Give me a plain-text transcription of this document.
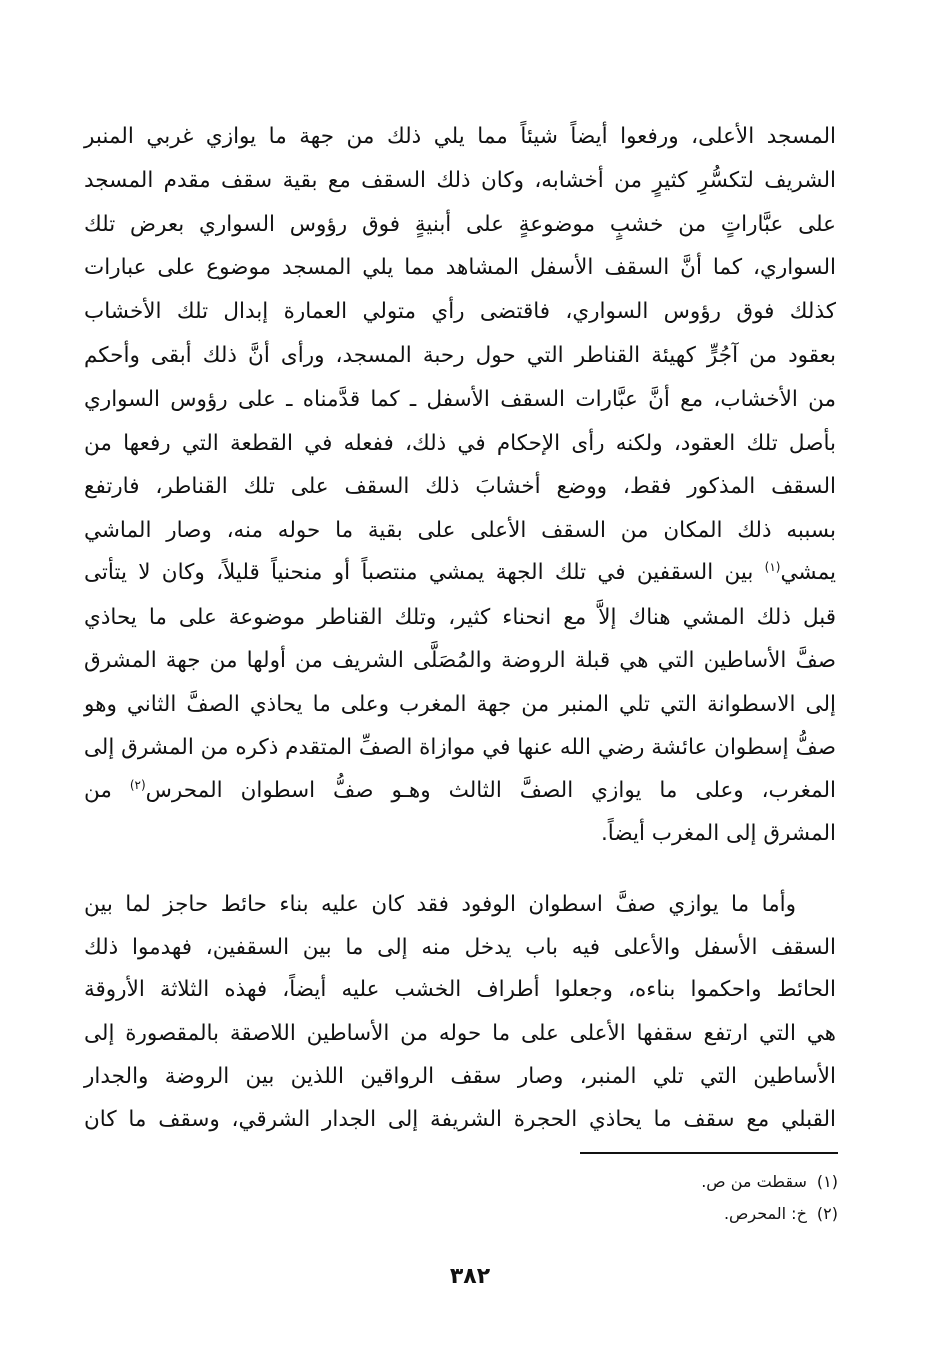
المسجد الأعلى، ورفعوا أيضاً شيئاً مما يلي ذلك من جهة ما يوازي غربي المنبر
الشريف لتكسُّرِ كثيرٍ من أخشابه، وكان ذلك السقف مع بقية سقف مقدم المسجد
على عبَّاراتٍ من خشبٍ موضوعةٍ على أبنيةٍ فوق رؤوس السواري بعرض تلك
السواري، كما أنَّ السقف الأسفل المشاهد مما يلي المسجد موضوع على عبارات
كذلك فوق رؤوس السواري، فاقتضى رأي متولي العمارة إبدال تلك الأخشاب
بعقود من آجُرٍّ كهيئة القناطر التي حول رحبة المسجد، ورأى أنَّ ذلك أبقى وأحكم
من الأخشاب، مع أنَّ عبَّارات السقف الأسفل ـ كما قدَّمناه ـ على رؤوس السواري
بأصل تلك العقود، ولكنه رأى الإحكام في ذلك، ففعله في القطعة التي رفعها من
السقف المذكور فقط، ووضع أخشابَ ذلك السقف على تلك القناطر، فارتفع
بسببه ذلك المكان من السقف الأعلى على بقية ما حوله منه، وصار الماشي
يمشي$^{(١)}$ بين السقفين في تلك الجهة يمشي منتصباً أو منحنياً قليلاً، وكان لا يتأتى
قبل ذلك المشي هناك إلاَّ مع انحناء كثير، وتلك القناطر موضوعة على ما يحاذي
صفَّ الأساطين التي هي قبلة الروضة والمُصَلَّى الشريف من أولها من جهة المشرق
إلى الاسطوانة التي تلي المنبر من جهة المغرب وعلى ما يحاذي الصفَّ الثاني وهو
صفُّ إسطوان عائشة رضي الله عنها في موازاة الصفِّ المتقدم ذكره من المشرق إلى
المغرب، وعلى ما يوازي الصفَّ الثالث وهـو صفُّ اسطوان المحرس$^{(٢)}$ من
المشرق إلى المغرب أيضاً.
وأما ما يوازي صفَّ اسطوان الوفود فقد كان عليه بناء حائط حاجز لما بين
السقف الأسفل والأعلى فيه باب يدخل منه إلى ما بين السقفين، فهدموا ذلك
الحائط واحكموا بناءه، وجعلوا أطراف الخشب عليه أيضاً، فهذه الثلاثة الأروقة
هي التي ارتفع سقفها الأعلى على ما حوله من الأساطين اللاصقة بالمقصورة إلى
الأساطين التي تلي المنبر، وصار سقف الرواقين اللذين بين الروضة والجدار
القبلي مع سقف ما يحاذي الحجرة الشريفة إلى الجدار الشرقي، وسقف ما كان
(١)سقطت من ص.
(٢)خ: المحرص.
٣٨٢
